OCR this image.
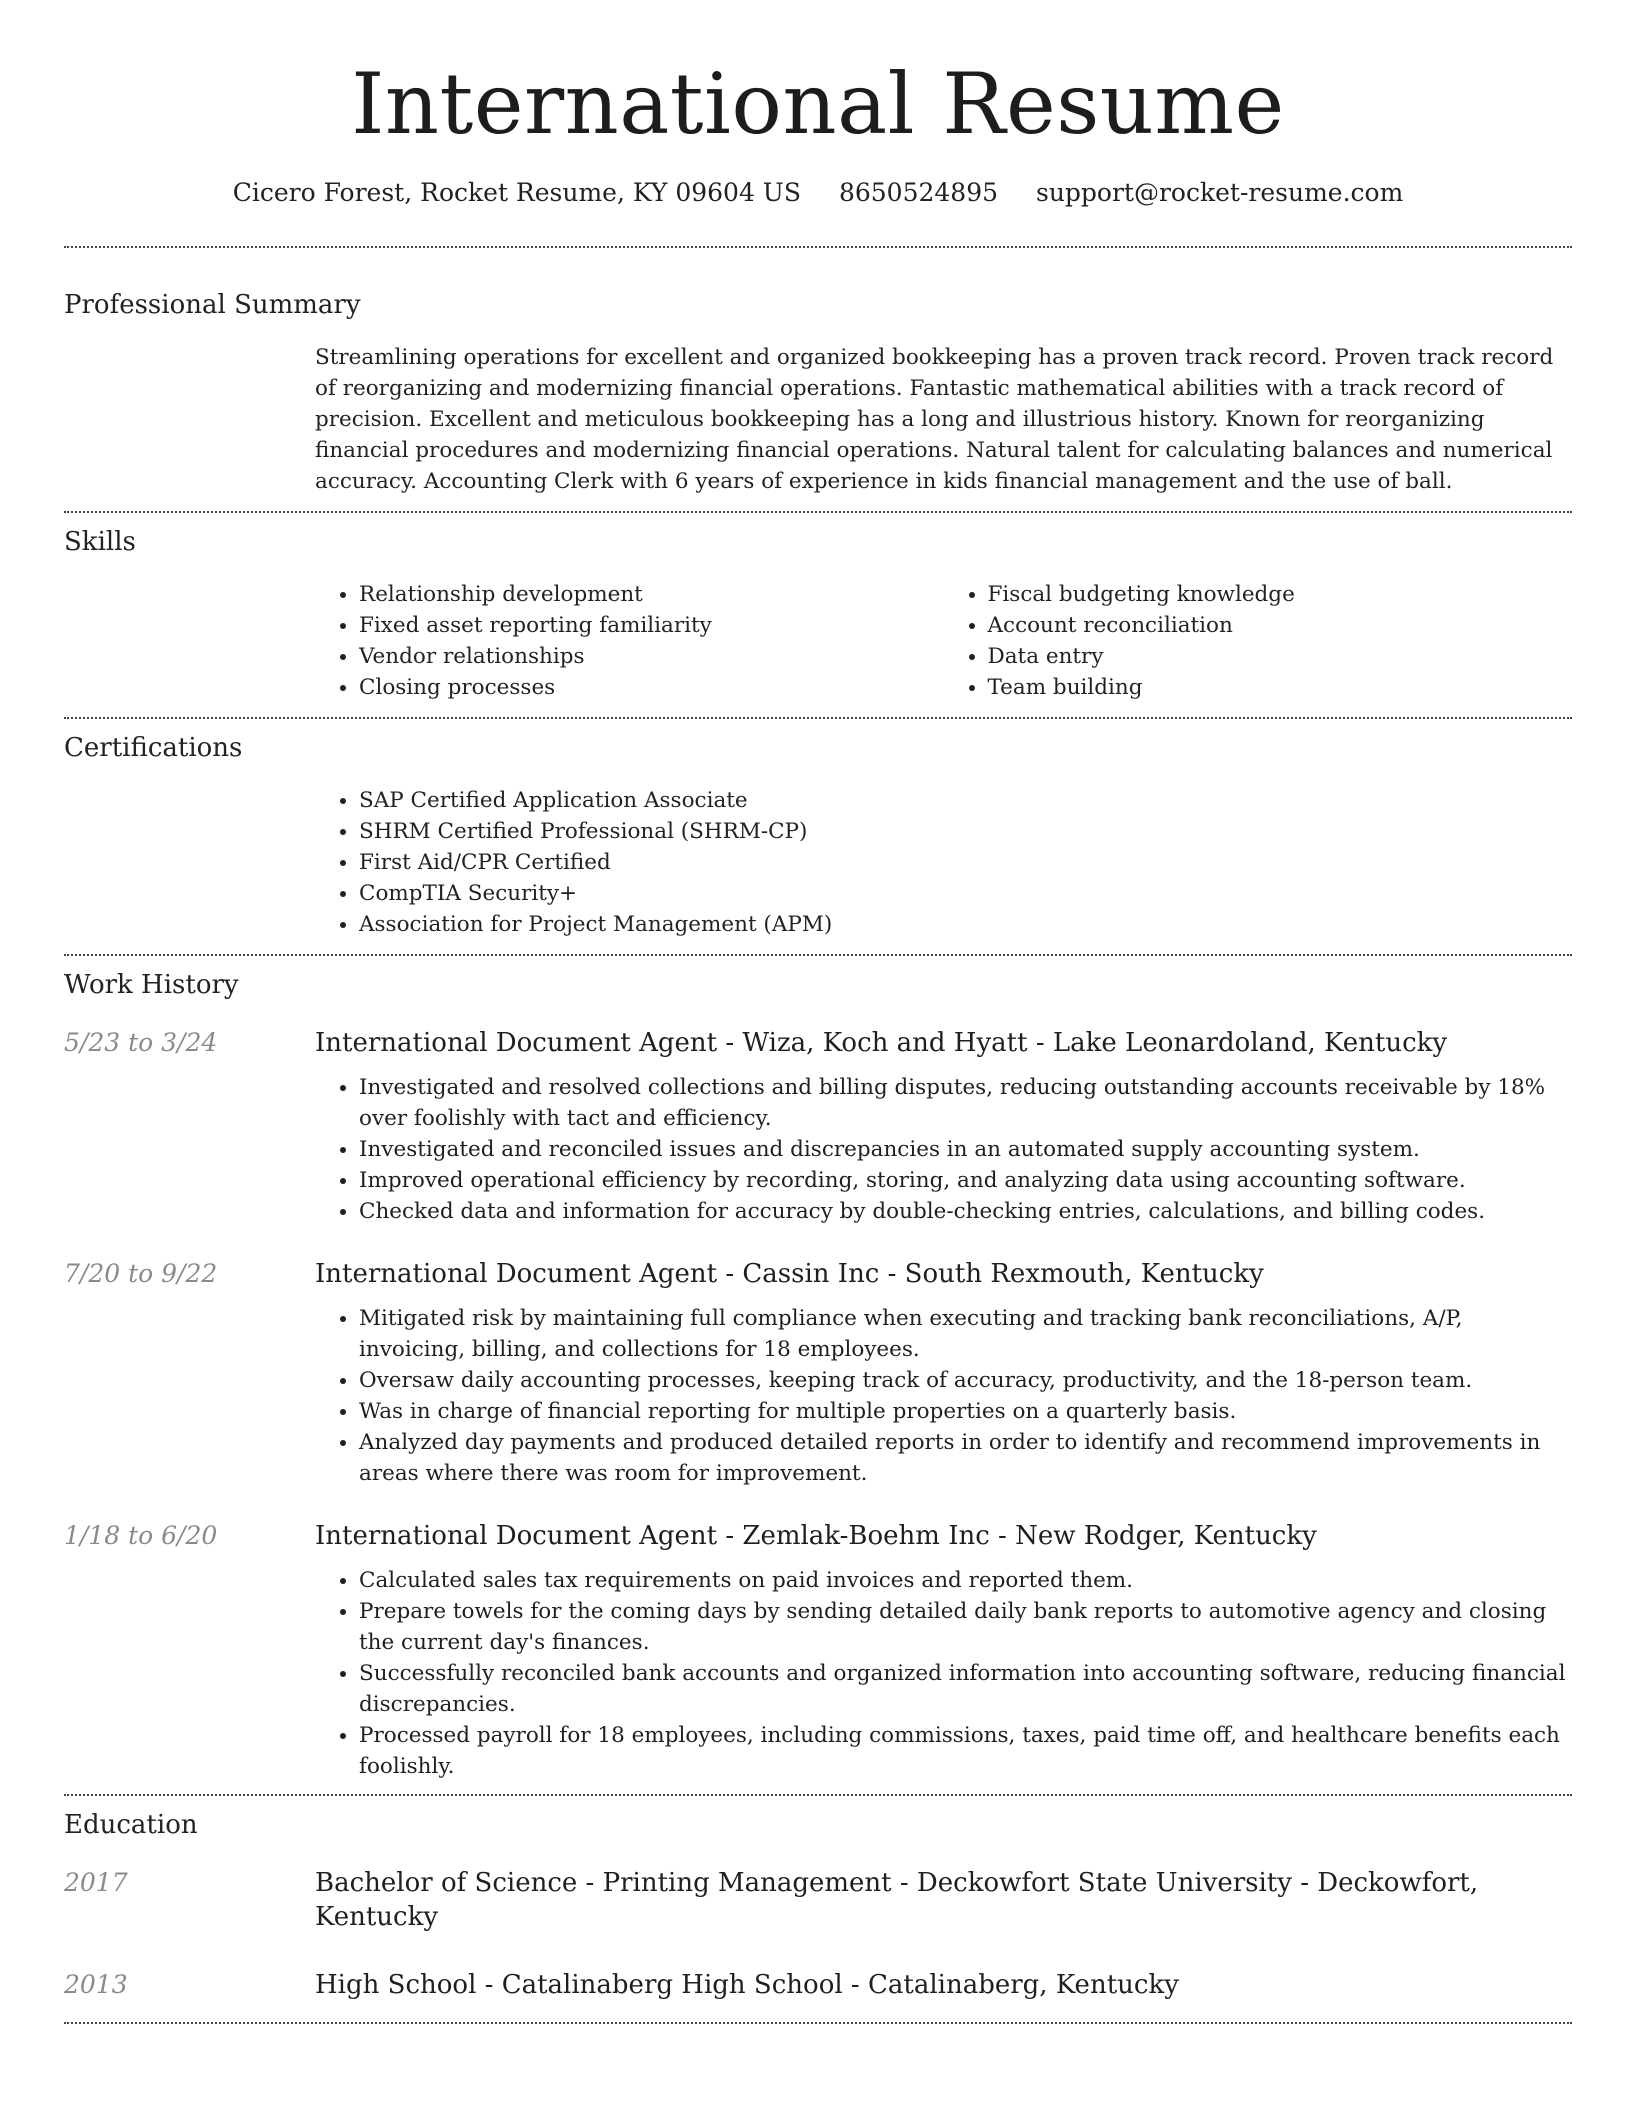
International Resume
Cicero Forest, Rocket Resume, KY 09604 US 8650524895 support@rocket-resume.com
Professional Summary

Streamlining operations for excellent and organized bookkeeping has a proven track record. Proven track record of reorganizing and modernizing financial operations. Fantastic mathematical abilities with a track record of precision. Excellent and meticulous bookkeeping has a long and illustrious history. Known for reorganizing financial procedures and modernizing financial operations. Natural talent for calculating balances and numerical accuracy. Accounting Clerk with 6 years of experience in kids financial management and the use of ball.

Skills
• Relationship development
• Fixed asset reporting familiarity
• Vendor relationships
• Closing processes
• Fiscal budgeting knowledge
• Account reconciliation
• Data entry
• Team building
Certifications
• SAP Certified Application Associate
• SHRM Certified Professional (SHRM-CP)
• First Aid/CPR Certified
• CompTIA Security+
• Association for Project Management (APM)
Work History
5/23 to 3/24	International Document Agent - Wiza, Koch and Hyatt - Lake Leonardoland, Kentucky
• Investigated and resolved collections and billing disputes, reducing outstanding accounts receivable by 18% over foolishly with tact and efficiency.
• Investigated and reconciled issues and discrepancies in an automated supply accounting system.
• Improved operational efficiency by recording, storing, and analyzing data using accounting software.
• Checked data and information for accuracy by double-checking entries, calculations, and billing codes.
7/20 to 9/22	International Document Agent - Cassin Inc - South Rexmouth, Kentucky
• Mitigated risk by maintaining full compliance when executing and tracking bank reconciliations, A/P, invoicing, billing, and collections for 18 employees.
• Oversaw daily accounting processes, keeping track of accuracy, productivity, and the 18-person team.
• Was in charge of financial reporting for multiple properties on a quarterly basis.
• Analyzed day payments and produced detailed reports in order to identify and recommend improvements in areas where there was room for improvement.
1/18 to 6/20	International Document Agent - Zemlak-Boehm Inc - New Rodger, Kentucky
• Calculated sales tax requirements on paid invoices and reported them.
• Prepare towels for the coming days by sending detailed daily bank reports to automotive agency and closing the current day's finances.
• Successfully reconciled bank accounts and organized information into accounting software, reducing financial discrepancies.
• Processed payroll for 18 employees, including commissions, taxes, paid time off, and healthcare benefits each foolishly.
Education
2017	Bachelor of Science - Printing Management - Deckowfort State University - Deckowfort, Kentucky
2013	High School - Catalinaberg High School - Catalinaberg, Kentucky
